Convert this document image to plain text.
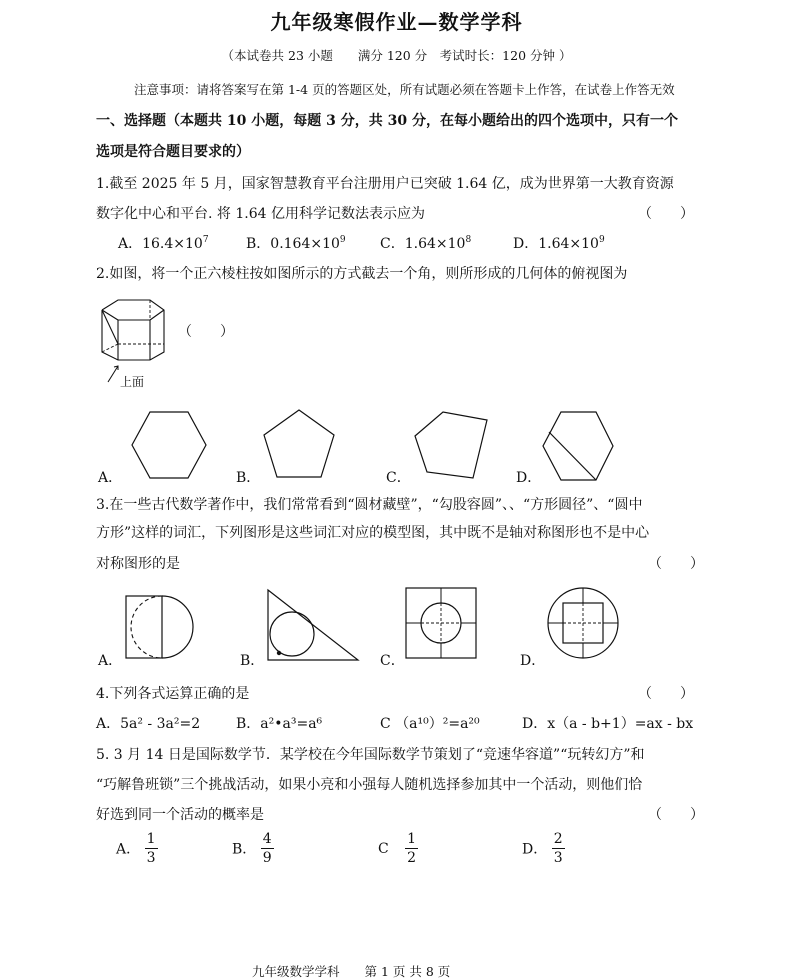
九年级寒假作业—数学学科
（本试卷共 23 小题　　满分 120 分　考试时长：120 分钟 ）
注意事项：请将答案写在第 1-4 页的答题区处，所有试题必须在答题卡上作答，在试卷上作答无效
一、选择题（本题共 10 小题，每题 3 分，共 30 分，在每小题给出的四个选项中，只有一个
选项是符合题目要求的）
1.截至 2025 年 5 月，国家智慧教育平台注册用户已突破 1.64 亿，成为世界第一大教育资源
数字化中心和平台. 将 1.64 亿用科学记数法表示应为	（　　）
A．$16.4\times 10^7$	B．$0.164\times 10^9$ C．$1.64\times 10^8$	D．$1.64\times 10^9$
2.如图，将一个正六棱柱按如图所示的方式截去一个角，则所形成的几何体的俯视图为
上面
（　　）
A．	B．	C．	D．
3.在一些古代数学著作中，我们常常看到“圆材藏壁”，“勾股容圆”、、“方形圆径”、“圆中
方形”这样的词汇，下列图形是这些词汇对应的模型图，其中既不是轴对称图形也不是中心
对称图形的是	（　　）
A．	B．	C．	D．
4.下列各式运算正确的是	（　　）
A．5a² - 3a²=2	B．a²•a³=a⁶	C （a¹⁰）²=a²⁰	D．x（a - b+1）=ax - bx
5. 3 月 14 日是国际数学节．某学校在今年国际数学节策划了“竞速华容道”“玩转幻方”和
“巧解鲁班锁”三个挑战活动，如果小亮和小强每人随机选择参加其中一个活动，则他们恰
好选到同一个活动的概率是	（　　）
A． $\frac{1}{3}$	B． $\frac{4}{9}$	C $\frac{1}{2}$	D． $\frac{2}{3}$
九年级数学学科　　第 1 页 共 8 页
